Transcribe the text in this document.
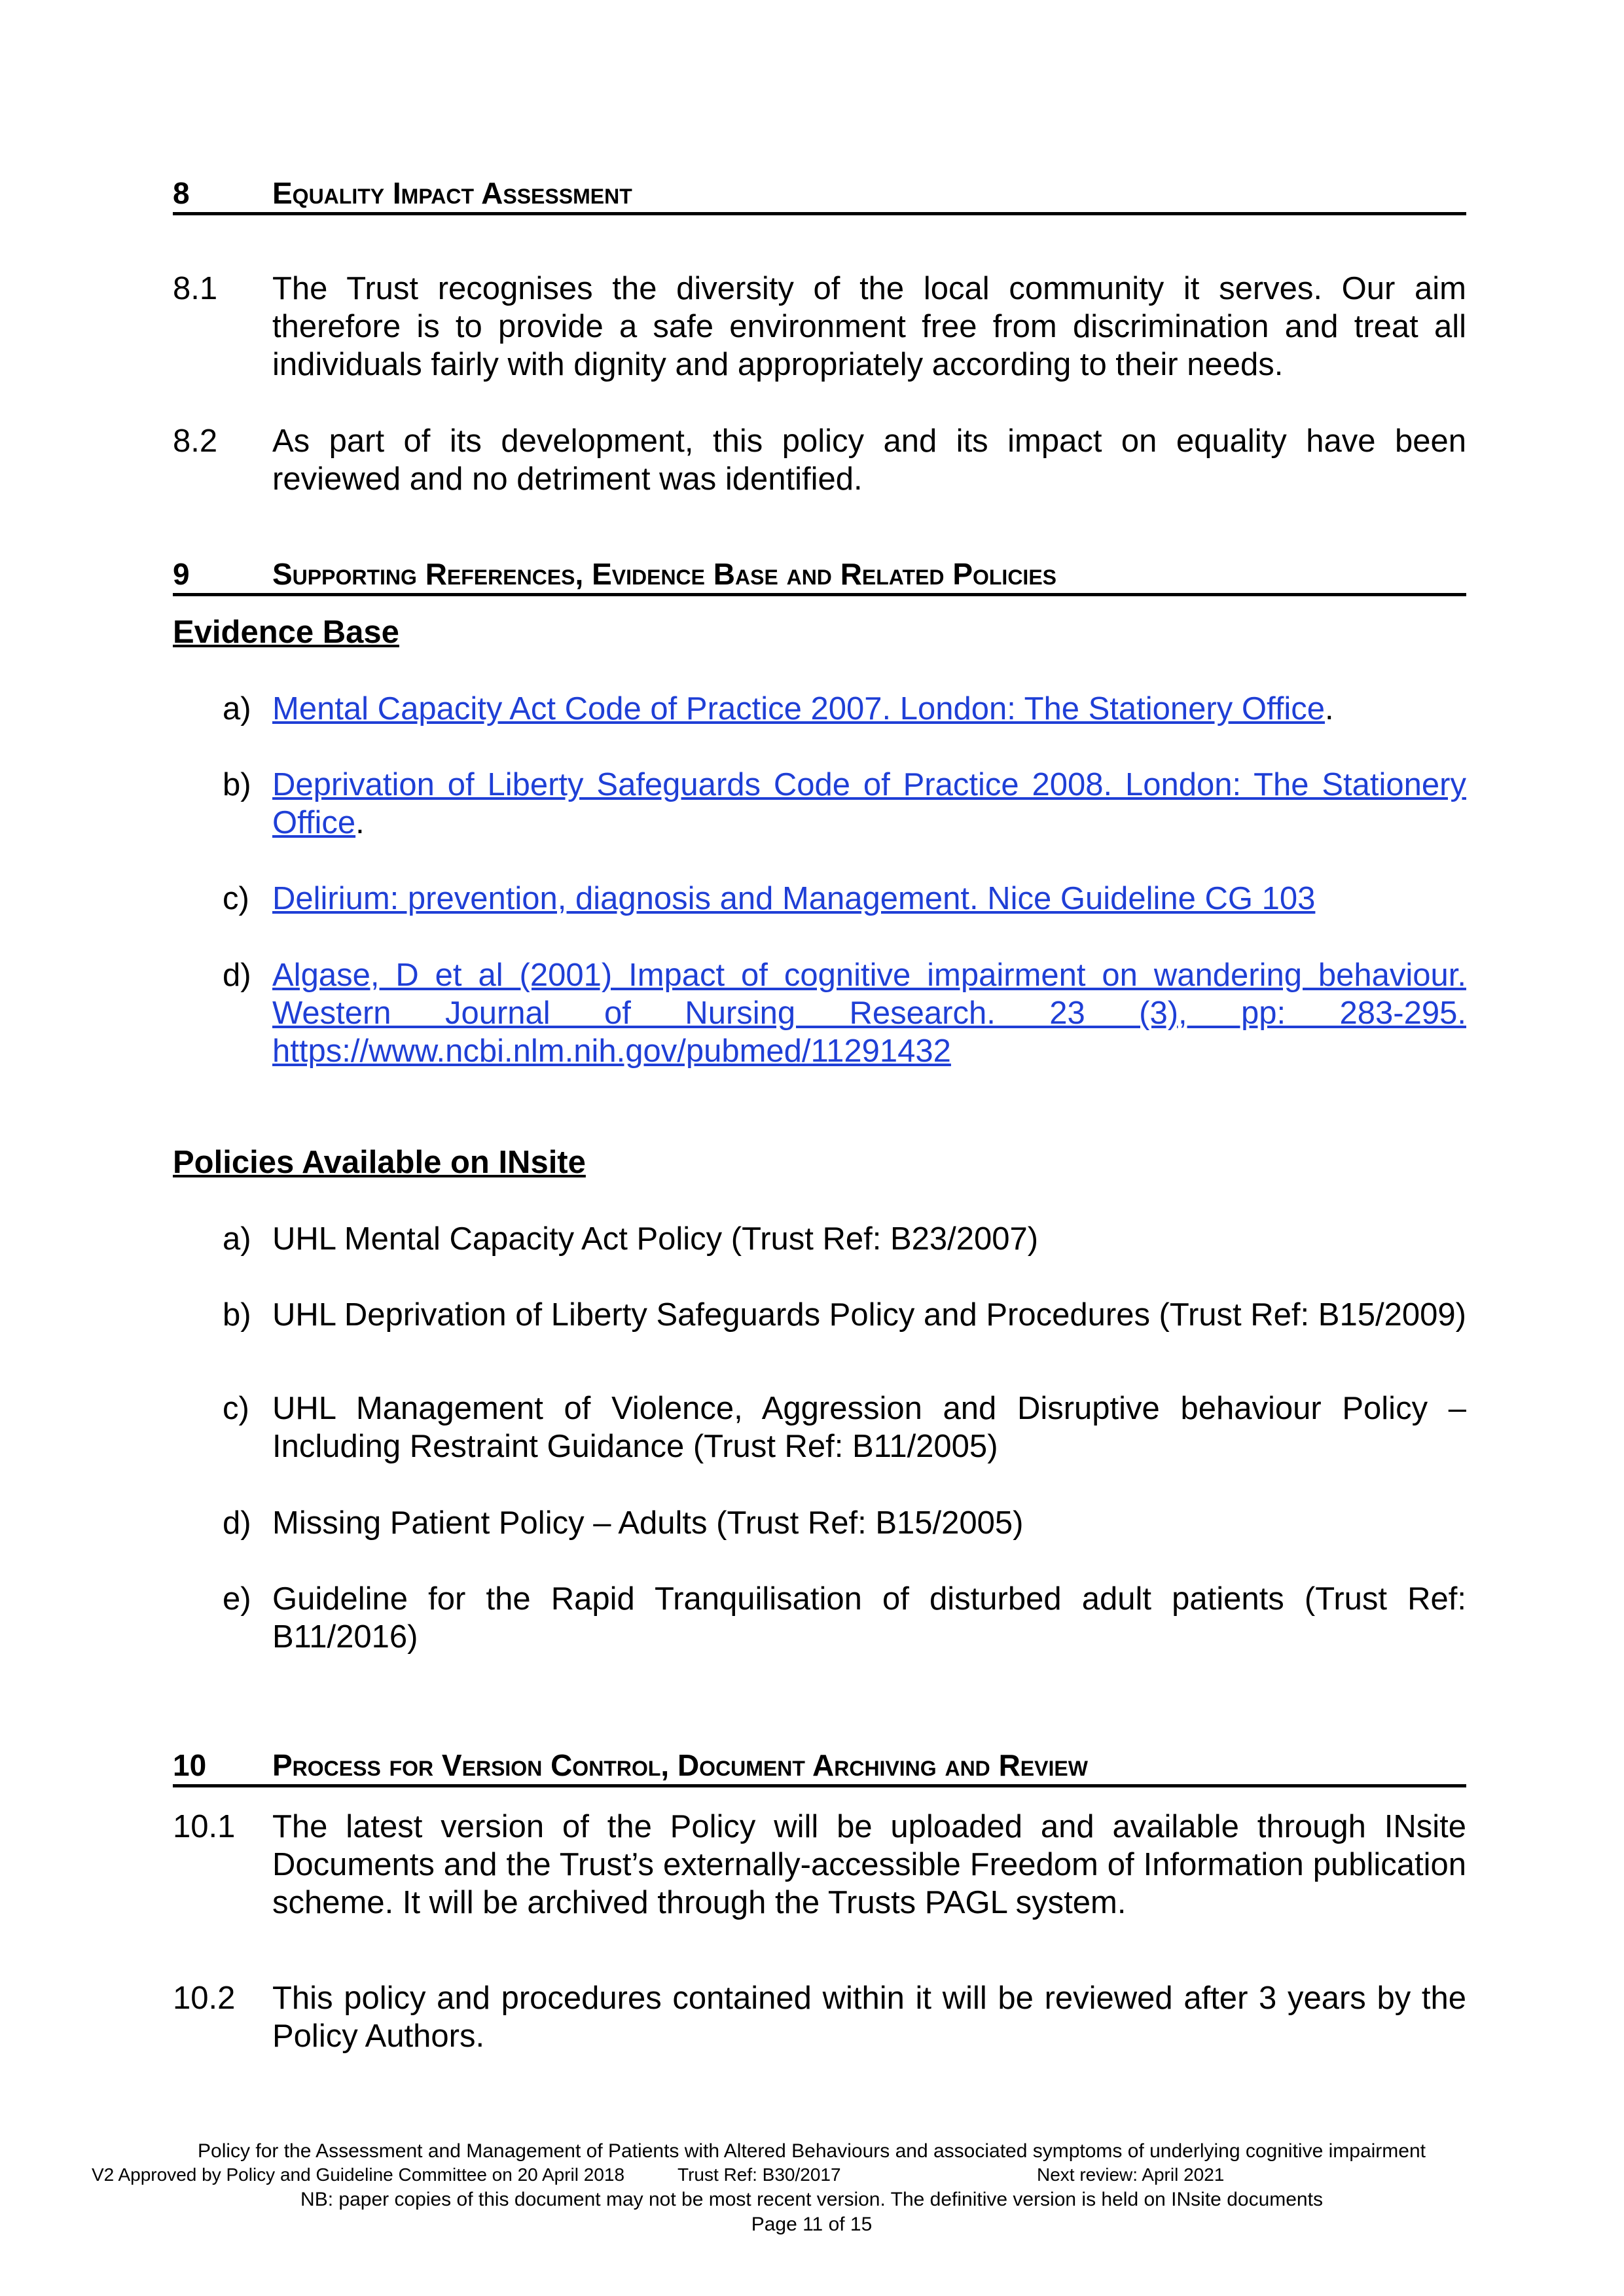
8	Equality Impact Assessment
8.1 The Trust recognises the diversity of the local community it serves. Our aim therefore is to provide a safe environment free from discrimination and treat all individuals fairly with dignity and appropriately according to their needs.
8.2 As part of its development, this policy and its impact on equality have been reviewed and no detriment was identified.
9	Supporting References, Evidence Base and Related Policies
Evidence Base
a) Mental Capacity Act Code of Practice 2007. London: The Stationery Office.
b) Deprivation of Liberty Safeguards Code of Practice 2008. London: The Stationery Office.
c) Delirium: prevention, diagnosis and Management. Nice Guideline CG 103
d) Algase, D et al (2001) Impact of cognitive impairment on wandering behaviour. Western Journal of Nursing Research. 23 (3), pp: 283-295. https://www.ncbi.nlm.nih.gov/pubmed/11291432
Policies Available on INsite
a) UHL Mental Capacity Act Policy (Trust Ref: B23/2007)
b) UHL Deprivation of Liberty Safeguards Policy and Procedures (Trust Ref: B15/2009)
c) UHL Management of Violence, Aggression and Disruptive behaviour Policy – Including Restraint Guidance (Trust Ref: B11/2005)
d) Missing Patient Policy – Adults (Trust Ref: B15/2005)
e) Guideline for the Rapid Tranquilisation of disturbed adult patients (Trust Ref: B11/2016)
10 Process for Version Control, Document Archiving and Review
10.1 The latest version of the Policy will be uploaded and available through INsite Documents and the Trust’s externally-accessible Freedom of Information publication scheme. It will be archived through the Trusts PAGL system.
10.2 This policy and procedures contained within it will be reviewed after 3 years by the Policy Authors.
Policy for the Assessment and Management of Patients with Altered Behaviours and associated symptoms of underlying cognitive impairment
V2 Approved by Policy and Guideline Committee on 20 April 2018	Trust Ref: B30/2017	Next review: April 2021
NB: paper copies of this document may not be most recent version. The definitive version is held on INsite documents
Page 11 of 15
